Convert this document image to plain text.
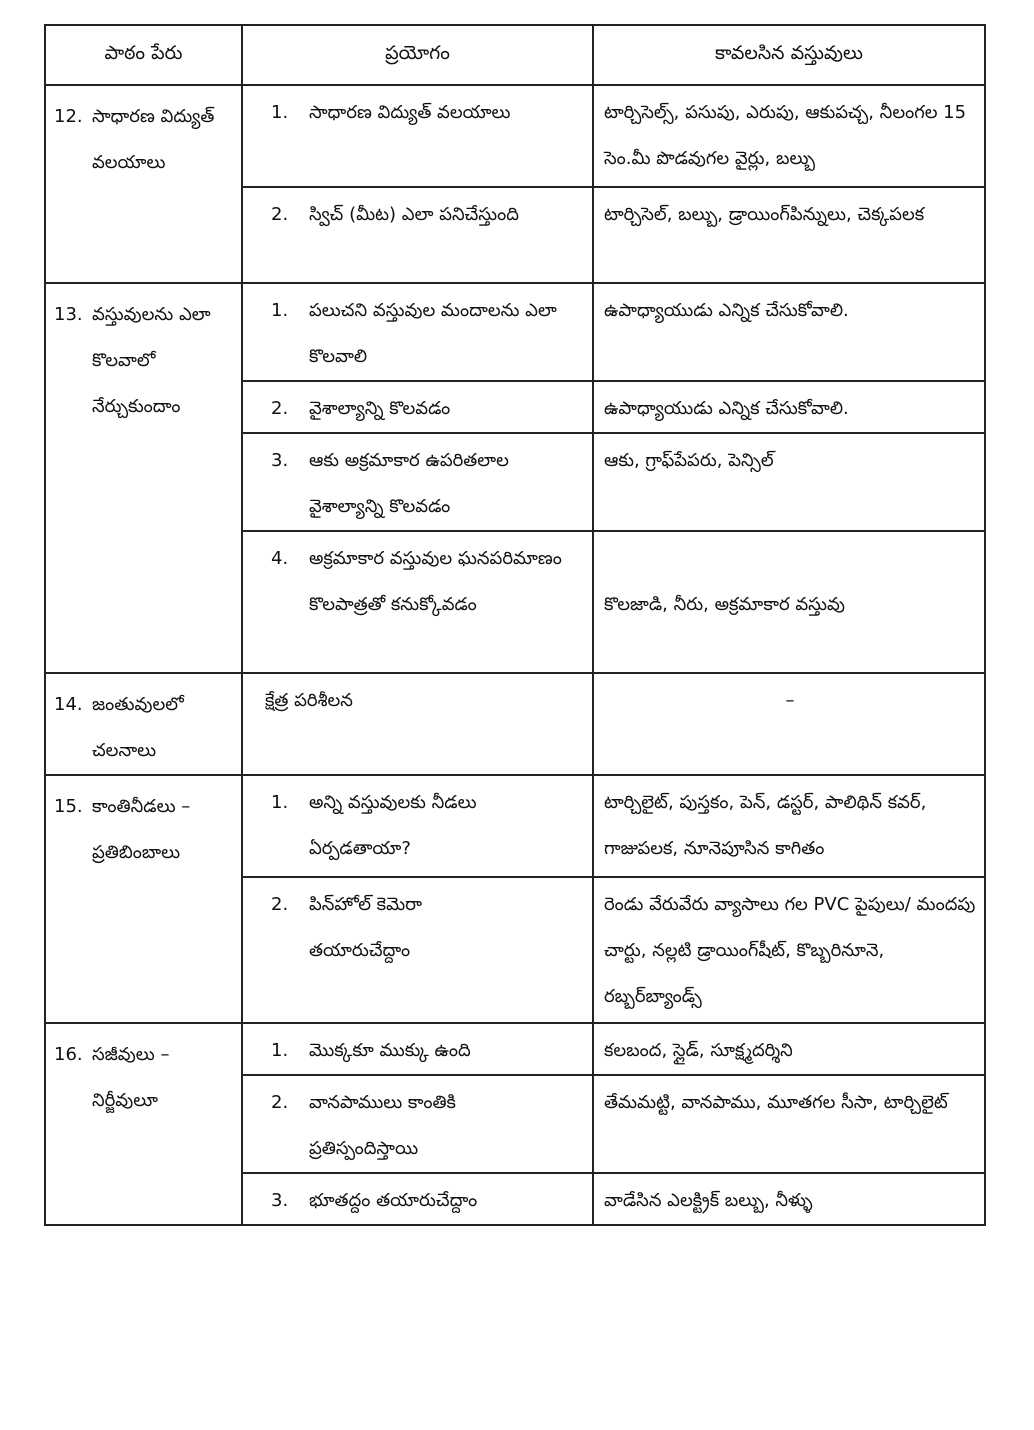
పాఠం పేరు	ప్రయోగం	కావలసిన వస్తువులు

12. సాధారణ విద్యుత్ వలయాలు	1. సాధారణ విద్యుత్ వలయాలు	టార్చిసెల్స్, పసుపు, ఎరుపు, ఆకుపచ్చ, నీలంగల 15 సెం.మీ పొడవుగల వైర్లు, బల్బు

	2. స్విచ్ (మీట) ఎలా పనిచేస్తుంది	టార్చిసెల్, బల్బు, డ్రాయింగ్‌పిన్నులు, చెక్కపలక

13. వస్తువులను ఎలా కొలవాలో నేర్చుకుందాం	1. పలుచని వస్తువుల మందాలను ఎలా కొలవాలి	ఉపాధ్యాయుడు ఎన్నిక చేసుకోవాలి.

	2. వైశాల్యాన్ని కొలవడం	ఉపాధ్యాయుడు ఎన్నిక చేసుకోవాలి.

	3. ఆకు అక్రమాకార ఉపరితలాల వైశాల్యాన్ని కొలవడం	ఆకు, గ్రాఫ్‌పేపరు, పెన్సిల్

	4. అక్రమాకార వస్తువుల ఘనపరిమాణం కొలపాత్రతో కనుక్కోవడం	కొలజాడి, నీరు, అక్రమాకార వస్తువు

14. జంతువులలో చలనాలు	క్షేత్ర పరిశీలన	–

15. కాంతినీడలు – ప్రతిబింబాలు	1. అన్ని వస్తువులకు నీడలు ఏర్పడతాయా?	టార్చిలైట్, పుస్తకం, పెన్, డస్టర్, పాలిథిన్ కవర్, గాజుపలక, నూనెపూసిన కాగితం

	2. పిన్‌హోల్ కెమెరా తయారుచేద్దాం	రెండు వేరువేరు వ్యాసాలు గల PVC పైపులు/ మందపు చార్టు, నల్లటి డ్రాయింగ్‌షీట్, కొబ్బరినూనె, రబ్బర్‌బ్యాండ్స్

16. సజీవులు – నిర్జీవులూ	1. మొక్కకూ ముక్కు ఉంది	కలబంద, స్లైడ్, సూక్ష్మదర్శిని

	2. వానపాములు కాంతికి ప్రతిస్పందిస్తాయి	తేమమట్టి, వానపాము, మూతగల సీసా, టార్చిలైట్

	3. భూతద్దం తయారుచేద్దాం	వాడేసిన ఎలక్ట్రిక్ బల్బు, నీళ్ళు
